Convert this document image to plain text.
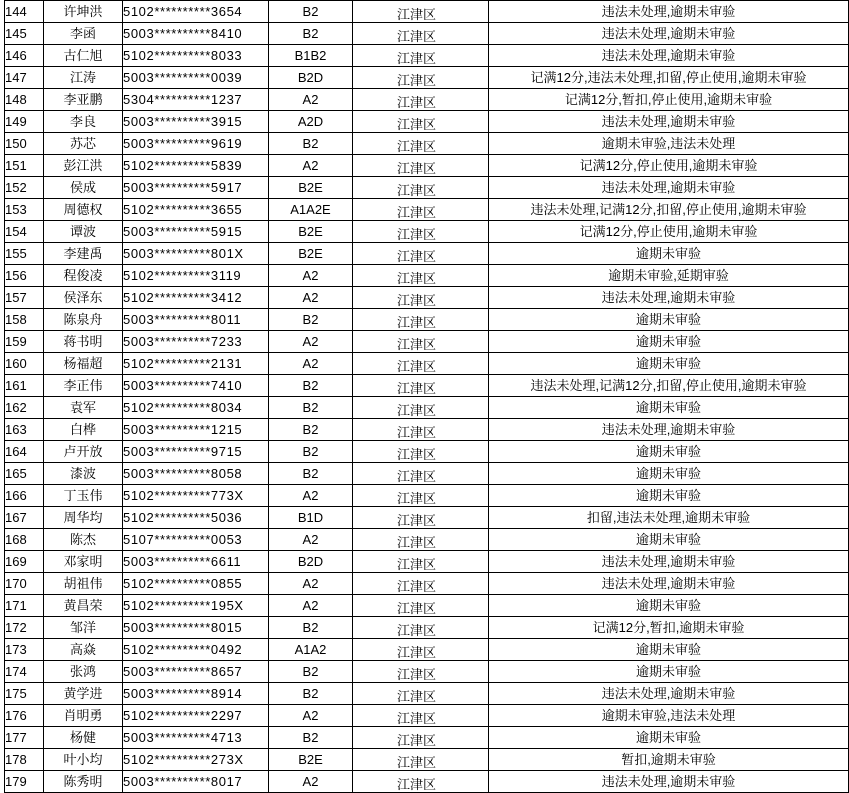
144	许坤洪	5102**********3654	B2	江津区	违法未处理,逾期未审验
145	李函	5003**********8410	B2	江津区	违法未处理,逾期未审验
146	古仁旭	5102**********8033	B1B2	江津区	违法未处理,逾期未审验
147	江涛	5003**********0039	B2D	江津区	记满12分,违法未处理,扣留,停止使用,逾期未审验
148	李亚鹏	5304**********1237	A2	江津区	记满12分,暂扣,停止使用,逾期未审验
149	李良	5003**********3915	A2D	江津区	违法未处理,逾期未审验
150	苏芯	5003**********9619	B2	江津区	逾期未审验,违法未处理
151	彭江洪	5102**********5839	A2	江津区	记满12分,停止使用,逾期未审验
152	侯成	5003**********5917	B2E	江津区	违法未处理,逾期未审验
153	周德权	5102**********3655	A1A2E	江津区	违法未处理,记满12分,扣留,停止使用,逾期未审验
154	谭波	5003**********5915	B2E	江津区	记满12分,停止使用,逾期未审验
155	李建禹	5003**********801X	B2E	江津区	逾期未审验
156	程俊凌	5102**********3119	A2	江津区	逾期未审验,延期审验
157	侯泽东	5102**********3412	A2	江津区	违法未处理,逾期未审验
158	陈泉舟	5003**********8011	B2	江津区	逾期未审验
159	蒋书明	5003**********7233	A2	江津区	逾期未审验
160	杨福超	5102**********2131	A2	江津区	逾期未审验
161	李正伟	5003**********7410	B2	江津区	违法未处理,记满12分,扣留,停止使用,逾期未审验
162	袁军	5102**********8034	B2	江津区	逾期未审验
163	白桦	5003**********1215	B2	江津区	违法未处理,逾期未审验
164	卢开放	5003**********9715	B2	江津区	逾期未审验
165	漆波	5003**********8058	B2	江津区	逾期未审验
166	丁玉伟	5102**********773X	A2	江津区	逾期未审验
167	周华均	5102**********5036	B1D	江津区	扣留,违法未处理,逾期未审验
168	陈杰	5107**********0053	A2	江津区	逾期未审验
169	邓家明	5003**********6611	B2D	江津区	违法未处理,逾期未审验
170	胡祖伟	5102**********0855	A2	江津区	违法未处理,逾期未审验
171	黄昌荣	5102**********195X	A2	江津区	逾期未审验
172	邹洋	5003**********8015	B2	江津区	记满12分,暂扣,逾期未审验
173	高焱	5102**********0492	A1A2	江津区	逾期未审验
174	张鸿	5003**********8657	B2	江津区	逾期未审验
175	黄学进	5003**********8914	B2	江津区	违法未处理,逾期未审验
176	肖明勇	5102**********2297	A2	江津区	逾期未审验,违法未处理
177	杨健	5003**********4713	B2	江津区	逾期未审验
178	叶小均	5102**********273X	B2E	江津区	暂扣,逾期未审验
179	陈秀明	5003**********8017	A2	江津区	违法未处理,逾期未审验
